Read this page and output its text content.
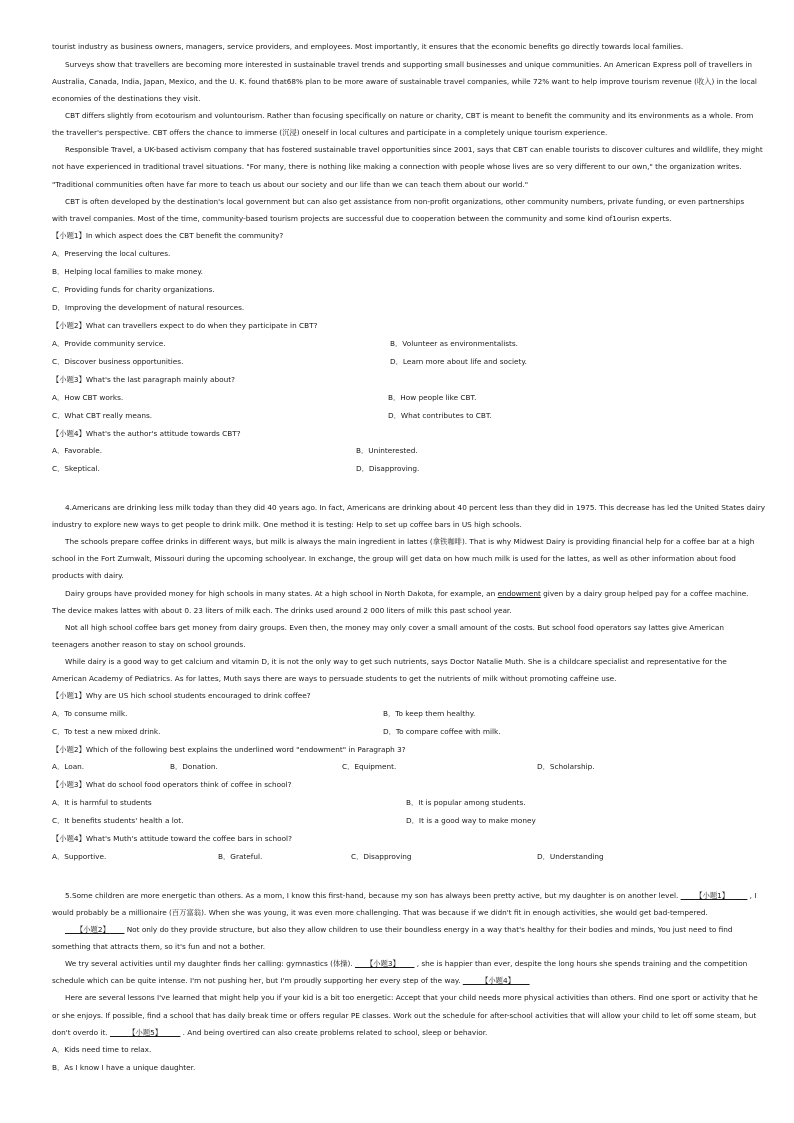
tourist industry as business owners, managers, service providers, and employees. Most importantly, it ensures that the economic benefits go directly towards local families.
Surveys show that travellers are becoming more interested in sustainable travel trends and supporting small businesses and unique communities. An American Express poll of travellers in
Australia, Canada, India, Japan, Mexico, and the U. K. found that68% plan to be more aware of sustainable travel companies, while 72% want to help improve tourism revenue (收入) in the local
economies of the destinations they visit.
CBT differs slightly from ecotourism and voluntourism. Rather than focusing specifically on nature or charity, CBT is meant to benefit the community and its environments as a whole. From
the traveller's perspective. CBT offers the chance to immerse (沉浸) oneself in local cultures and participate in a completely unique tourism experience.
Responsible Travel, a UK-based activism company that has fostered sustainable travel opportunities since 2001, says that CBT can enable tourists to discover cultures and wildlife, they might
not have experienced in traditional travel situations. "For many, there is nothing like making a connection with people whose lives are so very different to our own," the organization writes.
"Traditional communities often have far more to teach us about our society and our life than we can teach them about our world."
CBT is often developed by the destination's local government but can also get assistance from non-profit organizations, other community numbers, private funding, or even partnerships
with travel companies. Most of the time, community-based tourism projects are successful due to cooperation between the community and some kind of1ourisn experts.
【小题1】In which aspect does the CBT benefit the community?
A．Preserving the local cultures.
B．Helping local families to make money.
C．Providing funds for charity organizations.
D．Improving the development of natural resources.
【小题2】What can travellers expect to do when they participate in CBT?
A．Provide community service.	B．Volunteer as environmentalists.
C．Discover business opportunities.	D．Learn more about life and society.
【小题3】What's the last paragraph mainly about?
A．How CBT works.	B．How people like CBT.
C．What CBT really means.	D．What contributes to CBT.
【小题4】What's the author's attitude towards CBT?
A．Favorable.	B．Uninterested.
C．Skeptical.	D．Disapproving.
4.Americans are drinking less milk today than they did 40 years ago. In fact, Americans are drinking about 40 percent less than they did in 1975. This decrease has led the United States dairy
industry to explore new ways to get people to drink milk. One method it is testing: Help to set up coffee bars in US high schools.
The schools prepare coffee drinks in different ways, but milk is always the main ingredient in lattes (拿铁咖啡). That is why Midwest Dairy is providing financial help for a coffee bar at a high
school in the Fort Zumwalt, Missouri during the upcoming schoolyear. In exchange, the group will get data on how much milk is used for the lattes, as well as other information about food
products with dairy.
Dairy groups have provided money for high schools in many states. At a high school in North Dakota, for example, an endowment given by a dairy group helped pay for a coffee machine.
The device makes lattes with about 0. 23 liters of milk each. The drinks used around 2 000 liters of milk this past school year.
Not all high school coffee bars get money from dairy groups. Even then, the money may only cover a small amount of the costs. But school food operators say lattes give American
teenagers another reason to stay on school grounds.
While dairy is a good way to get calcium and vitamin D, it is not the only way to get such nutrients, says Doctor Natalie Muth. She is a childcare specialist and representative for the
American Academy of Pediatrics. As for lattes, Muth says there are ways to persuade students to get the nutrients of milk without promoting caffeine use.
【小题1】Why are US hich school students encouraged to drink coffee?
A．To consume milk.	B．To keep them healthy.
C．To test a new mixed drink.	D．To compare coffee with milk.
【小题2】Which of the following best explains the underlined word "endowment" in Paragraph 3?
A．Loan.	B．Donation.	C．Equipment.	D．Scholarship.
【小题3】What do school food operators think of coffee in school?
A．It is harmful to students	B．It is popular among students.
C．It benefits students' health a lot.	D．It is a good way to make money
【小题4】What's Muth's attitude toward the coffee bars in school?
A．Supportive.	B．Grateful.	C．Disapproving	D．Understanding
5.Some children are more energetic than others. As a mom, I know this first-hand, because my son has always been pretty active, but my daughter is on another level. ____【小题1】_____ , I
would probably be a millionaire (百万富翁). When she was young, it was even more challenging. That was because if we didn't fit in enough activities, she would get bad-tempered.
___【小题2】____ Not only do they provide structure, but also they allow children to use their boundless energy in a way that's healthy for their bodies and minds, You just need to find
something that attracts them, so it's fun and not a bother.
We try several activities until my daughter finds her calling: gymnastics (体操). ___【小题3】____ , she is happier than ever, despite the long hours she spends training and the competition
schedule which can be quite intense. I'm not pushing her, but I'm proudly supporting her every step of the way. _____【小题4】____
Here are several lessons I've learned that might help you if your kid is a bit too energetic: Accept that your child needs more physical activities than others. Find one sport or activity that he
or she enjoys. If possible, find a school that has daily break time or offers regular PE classes. Work out the schedule for after-school activities that will allow your child to let off some steam, but
don't overdo it. _____【小题5】_____ . And being overtired can also create problems related to school, sleep or behavior.
A．Kids need time to relax.
B．As I know I have a unique daughter.
